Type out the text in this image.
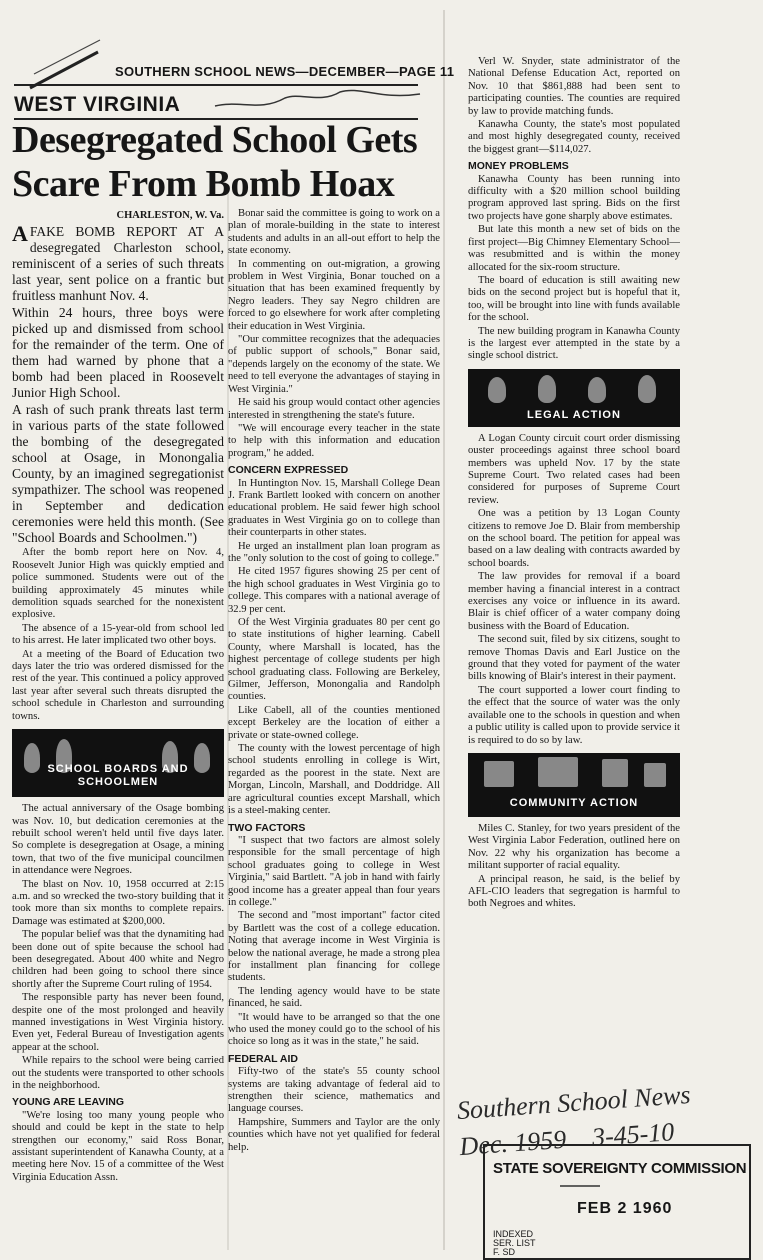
SOUTHERN SCHOOL NEWS—DECEMBER—PAGE 11
WEST VIRGINIA
Desegregated School Gets
Scare From Bomb Hoax
CHARLESTON, W. Va.

AFAKE BOMB REPORT AT A desegregated Charleston school, reminiscent of a series of such threats last year, sent police on a frantic but fruitless manhunt Nov. 4.

Within 24 hours, three boys were picked up and dismissed from school for the remainder of the term. One of them had warned by phone that a bomb had been placed in Roosevelt Junior High School.

A rash of such prank threats last term in various parts of the state followed the bombing of the desegregated school at Osage, in Monongalia County, by an imagined segregationist sympathizer. The school was reopened in September and dedication ceremonies were held this month. (See "School Boards and Schoolmen.")

After the bomb report here on Nov. 4, Roosevelt Junior High was quickly emptied and police summoned. Students were out of the building approximately 45 minutes while demolition squads searched for the nonexistent explosive.

The absence of a 15-year-old from school led to his arrest. He later implicated two other boys.

At a meeting of the Board of Education two days later the trio was ordered dismissed for the rest of the year. This continued a policy approved last year after several such threats disrupted the school schedule in Charleston and surrounding towns.

SCHOOL BOARDS AND SCHOOLMEN

The actual anniversary of the Osage bombing was Nov. 10, but dedication ceremonies at the rebuilt school weren't held until five days later. So complete is desegregation at Osage, a mining town, that two of the five municipal councilmen in attendance were Negroes.

The blast on Nov. 10, 1958 occurred at 2:15 a.m. and so wrecked the two-story building that it took more than six months to complete repairs. Damage was estimated at $200,000.

The popular belief was that the dynamiting had been done out of spite because the school had been desegregated. About 400 white and Negro children had been going to school there since shortly after the Supreme Court ruling of 1954.

The responsible party has never been found, despite one of the most prolonged and heavily manned investigations in West Virginia history. Even yet, Federal Bureau of Investigation agents appear at the school.

While repairs to the school were being carried out the students were transported to other schools in the neighborhood.

YOUNG ARE LEAVING

"We're losing too many young people who should and could be kept in the state to help strengthen our economy," said Ross Bonar, assistant superintendent of Kanawha County, at a meeting here Nov. 15 of a committee of the West Virginia Education Assn.

Bonar said the committee is going to work on a plan of morale-building in the state to interest students and adults in an all-out effort to help the state economy.

In commenting on out-migration, a growing problem in West Virginia, Bonar touched on a situation that has been examined frequently by Negro leaders. They say Negro children are forced to go elsewhere for work after completing their education in West Virginia.

"Our committee recognizes that the adequacies of public support of schools," Bonar said, "depends largely on the economy of the state. We need to tell everyone the advantages of staying in West Virginia."

He said his group would contact other agencies interested in strengthening the state's future.

"We will encourage every teacher in the state to help with this information and education program," he added.

CONCERN EXPRESSED

In Huntington Nov. 15, Marshall College Dean J. Frank Bartlett looked with concern on another educational problem. He said fewer high school graduates in West Virginia go on to college than their counterparts in other states.

He urged an installment plan loan program as the "only solution to the cost of going to college."

He cited 1957 figures showing 25 per cent of the high school graduates in West Virginia go to college. This compares with a national average of 32.9 per cent.

Of the West Virginia graduates 80 per cent go to state institutions of higher learning. Cabell County, where Marshall is located, has the highest percentage of college students per high school graduating class. Following are Berkeley, Gilmer, Jefferson, Monongalia and Randolph counties.

Like Cabell, all of the counties mentioned except Berkeley are the location of either a private or state-owned college.

The county with the lowest percentage of high school students enrolling in college is Wirt, regarded as the poorest in the state. Next are Morgan, Lincoln, Marshall, and Doddridge. All are agricultural counties except Marshall, which is a steel-making center.

TWO FACTORS

"I suspect that two factors are almost solely responsible for the small percentage of high school graduates going to college in West Virginia," said Bartlett. "A job in hand with fairly good income has a greater appeal than four years in college."

The second and "most important" factor cited by Bartlett was the cost of a college education. Noting that average income in West Virginia is below the national average, he made a strong plea for installment plan financing for college students.

The lending agency would have to be state financed, he said.

"It would have to be arranged so that the one who used the money could go to the school of his choice so long as it was in the state," he said.

FEDERAL AID

Fifty-two of the state's 55 county school systems are taking advantage of federal aid to strengthen their science, mathematics and language courses.

Hampshire, Summers and Taylor are the only counties which have not yet qualified for federal help.

Verl W. Snyder, state administrator of the National Defense Education Act, reported on Nov. 10 that $861,888 had been sent to participating counties. The counties are required by law to provide matching funds.

Kanawha County, the state's most populated and most highly desegregated county, received the biggest grant—$114,027.

MONEY PROBLEMS

Kanawha County has been running into difficulty with a $20 million school building program approved last spring. Bids on the first two projects have gone sharply above estimates.

But late this month a new set of bids on the first project—Big Chimney Elementary School—was resubmitted and is within the money allocated for the six-room structure.

The board of education is still awaiting new bids on the second project but is hopeful that it, too, will be brought into line with funds available for the school.

The new building program in Kanawha County is the largest ever attempted in the state by a single school district.

LEGAL ACTION

A Logan County circuit court order dismissing ouster proceedings against three school board members was upheld Nov. 17 by the state Supreme Court. Two related cases had been considered for purposes of Supreme Court review.

One was a petition by 13 Logan County citizens to remove Joe D. Blair from membership on the school board. The petition for appeal was based on a law dealing with contracts awarded by school boards.

The law provides for removal if a board member having a financial interest in a contract exercises any voice or influence in its award. Blair is chief officer of a water company doing business with the Board of Education.

The second suit, filed by six citizens, sought to remove Thomas Davis and Earl Justice on the ground that they voted for payment of the water bills knowing of Blair's interest in their payment.

The court supported a lower court finding to the effect that the source of water was the only available one to the schools in question and when a public utility is called upon to provide service it is required to do so by law.

COMMUNITY ACTION

Miles C. Stanley, for two years president of the West Virginia Labor Federation, outlined here on Nov. 22 why his organization has become a militant supporter of racial equality.

A principal reason, he said, is the belief by AFL-CIO leaders that segregation is harmful to both Negroes and whites.

Southern School News
Dec. 1959 3-45-10
STATE SOVEREIGNTY COMMISSION
FEB 2 1960
INDEXED
SER. LIST
F. SD
